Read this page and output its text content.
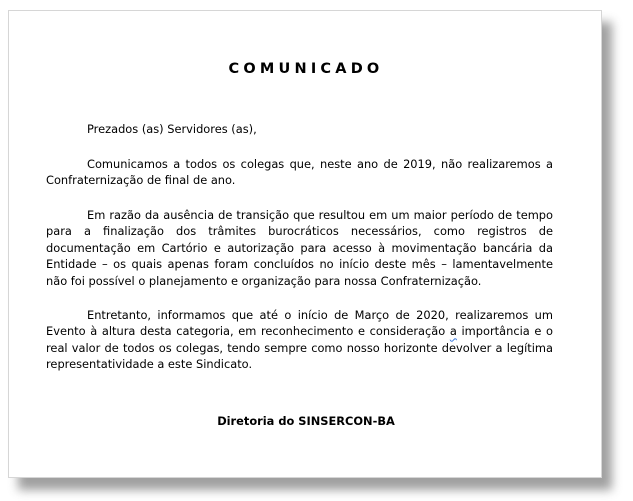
COMUNICADO
Prezados (as) Servidores (as),

Comunicamos a todos os colegas que, neste ano de 2019, não realizaremos a Confraternização de final de ano.

Em razão da ausência de transição que resultou em um maior período de tempo para a finalização dos trâmites burocráticos necessários, como registros de documentação em Cartório e autorização para acesso à movimentação bancária da Entidade – os quais apenas foram concluídos no início deste mês – lamentavelmente não foi possível o planejamento e organização para nossa Confraternização.

Entretanto, informamos que até o início de Março de 2020, realizaremos um Evento à altura desta categoria, em reconhecimento e consideração a importância e o real valor de todos os colegas, tendo sempre como nosso horizonte devolver a legítima representatividade a este Sindicato.

Diretoria do SINSERCON-BA
